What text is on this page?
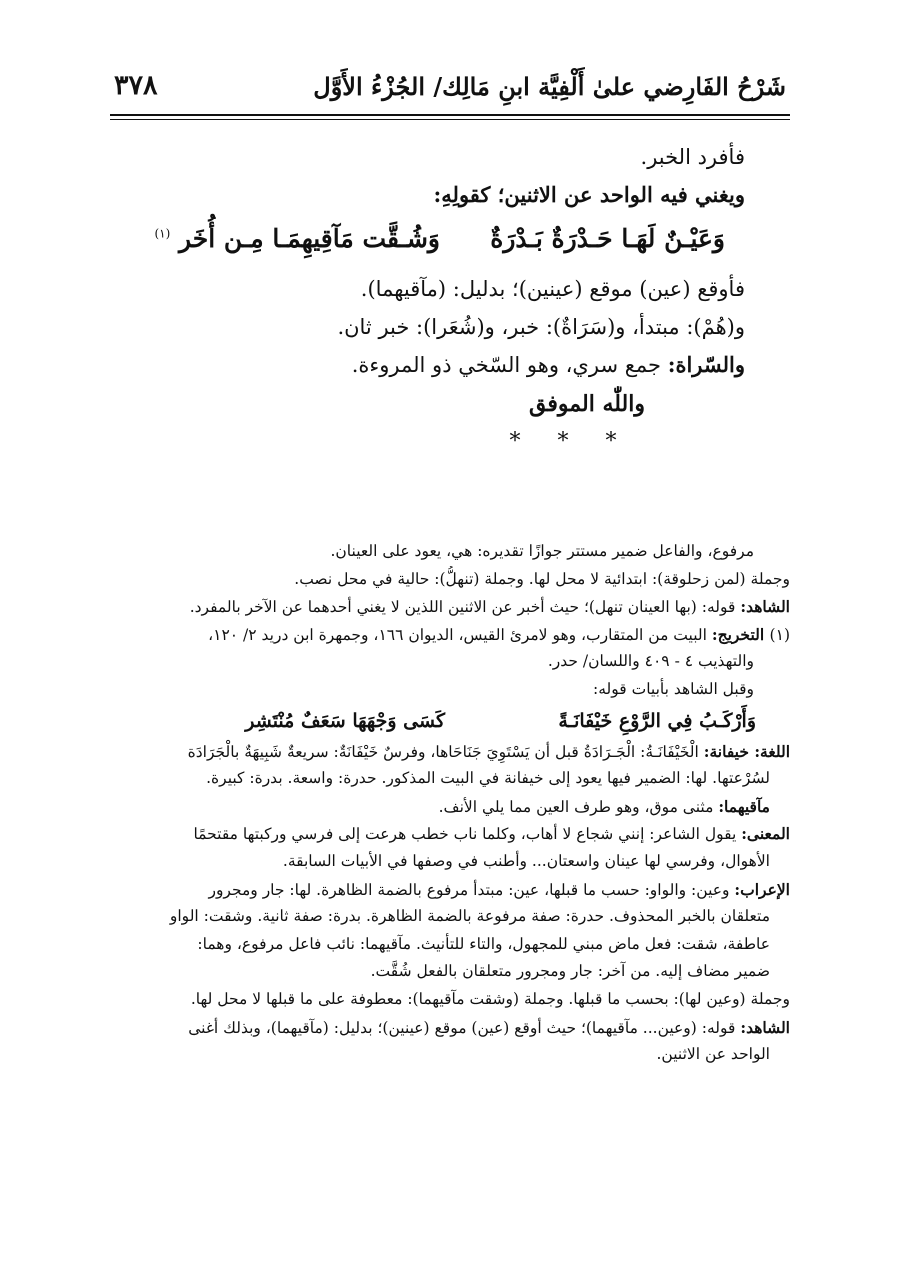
شَرْحُ الفَارِضي علىٰ أَلْفِيَّة ابنِ مَالِك/ الجُزْءُ الأَوَّل
٣٧٨
فأفرد الخبر.
ويغني فيه الواحد عن الاثنين؛ كقولِهِ:
وَعَيْـنٌ لَهَـا حَـدْرَةٌ بَـدْرَةٌ
وَشُـقَّت مَآقِيهِمَـا مِـن أُخَر $^{(١)}$
فأوقع (عين) موقع (عينين)؛ بدليل: (مآقيهما).
و(هُمْ): مبتدأ، و(سَرَاةٌ): خبر، و(شُعَرا): خبر ثان.
والسّراة: جمع سري، وهو السّخي ذو المروءة.
واللّٰه الموفق
***
مرفوع، والفاعل ضمير مستتر جوازًا تقديره: هي، يعود على العينان.
وجملة (لمن زحلوقة): ابتدائية لا محل لها. وجملة (تنهلُّ): حالية في محل نصب.
الشاهد: قوله: (بها العينان تنهل)؛ حيث أخبر عن الاثنين اللذين لا يغني أحدهما عن الآخر بالمفرد.
(١) التخريج: البيت من المتقارب، وهو لامرئ القيس، الديوان ١٦٦، وجمهرة ابن دريد ٢/ ١٢٠،
والتهذيب ٤ - ٤٠٩ واللسان/ حدر.
وقبل الشاهد بأبيات قوله:
وَأَرْكَـبُ فِي الرَّوْعِ خَيْفَانَـةً
كَسَى وَجْهَهَا سَعَفٌ مُنْتَشِر
اللغة: خيفانة: الْخَيْفَانَـةُ: الْجَـرَادَةُ قبل أن يَسْتَوِيَ جَنَاحَاها، وفرسٌ خَيْفَانَةٌ: سريعةٌ شَبِيهَةٌ بالْجَرَادَة
لسُرْعتها. لها: الضمير فيها يعود إلى خيفانة في البيت المذكور. حدرة: واسعة. بدرة: كبيرة.
مآقيهما: مثنى موق، وهو طرف العين مما يلي الأنف.
المعنى: يقول الشاعر: إنني شجاع لا أهاب، وكلما ناب خطب هرعت إلى فرسي وركبتها مقتحمًا
الأهوال، وفرسي لها عينان واسعتان... وأطنب في وصفها في الأبيات السابقة.
الإعراب: وعين: والواو: حسب ما قبلها، عين: مبتدأ مرفوع بالضمة الظاهرة. لها: جار ومجرور
متعلقان بالخبر المحذوف. حدرة: صفة مرفوعة بالضمة الظاهرة. بدرة: صفة ثانية. وشقت: الواو
عاطفة، شقت: فعل ماض مبني للمجهول، والتاء للتأنيث. مآقيهما: نائب فاعل مرفوع، وهما:
ضمير مضاف إليه. من آخر: جار ومجرور متعلقان بالفعل شُقَّت.
وجملة (وعين لها): بحسب ما قبلها. وجملة (وشقت مآقيهما): معطوفة على ما قبلها لا محل لها.
الشاهد: قوله: (وعين... مآقيهما)؛ حيث أوقع (عين) موقع (عينين)؛ بدليل: (مآقيهما)، وبذلك أغنى
الواحد عن الاثنين.
